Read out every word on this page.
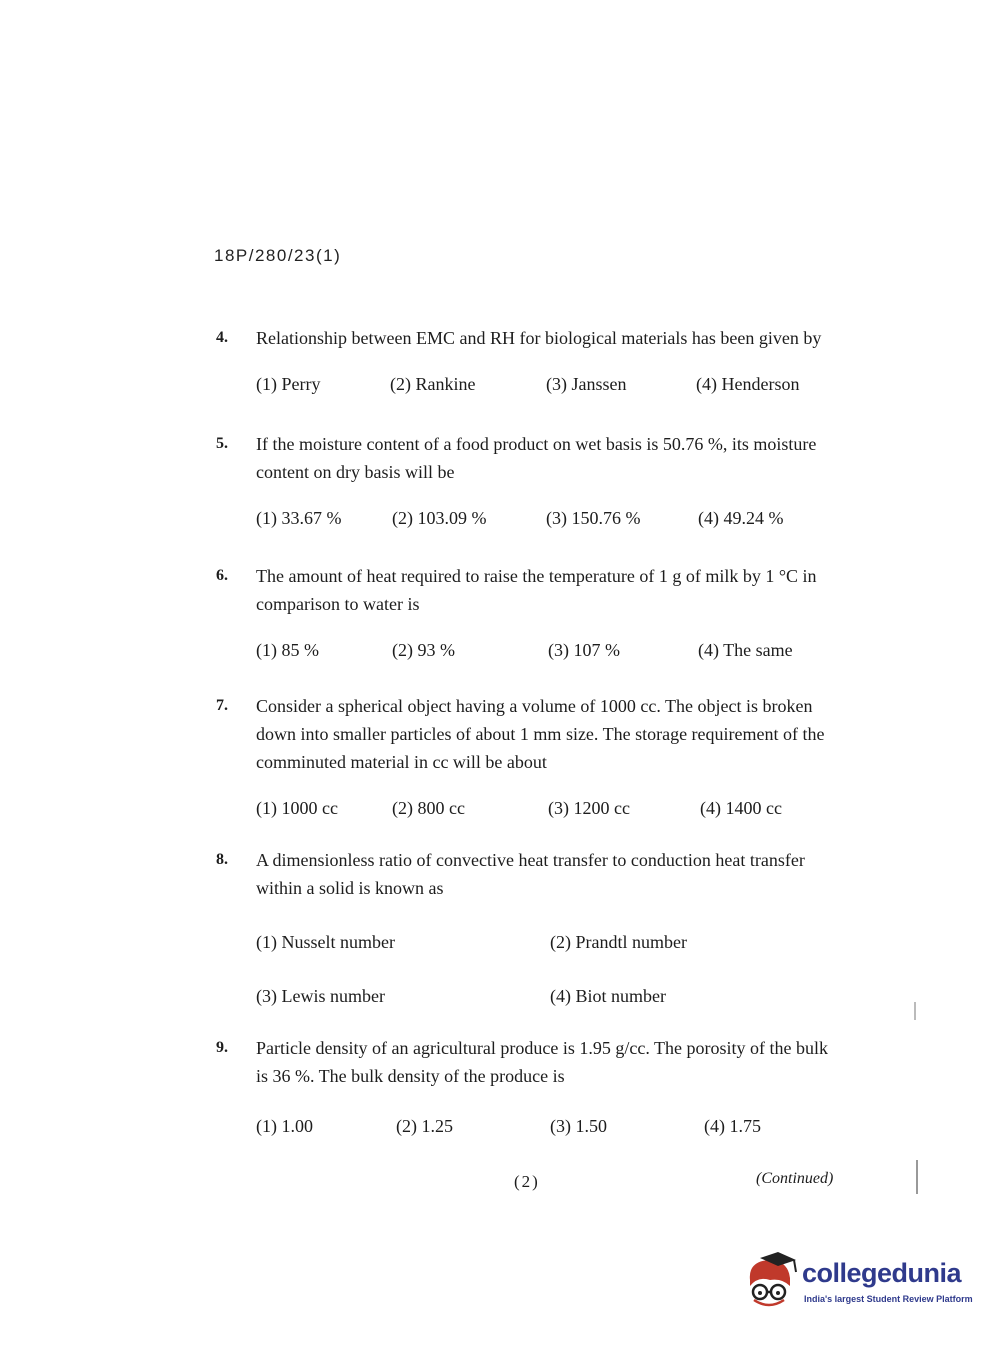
18P/280/23(1)
4.	Relationship between EMC and RH for biological materials has been given by
(1) Perry	(2) Rankine	(3) Janssen	(4) Henderson
5.	If the moisture content of a food product on wet basis is 50.76 %, its moisture content on dry basis will be
(1) 33.67 %	(2) 103.09 %	(3) 150.76 %	(4) 49.24 %
6.	The amount of heat required to raise the temperature of 1 g of milk by 1 °C in comparison to water is
(1) 85 %	(2) 93 %	(3) 107 %	(4) The same
7.	Consider a spherical object having a volume of 1000 cc. The object is broken down into smaller particles of about 1 mm size. The storage requirement of the comminuted material in cc will be about
(1) 1000 cc	(2) 800 cc	(3) 1200 cc	(4) 1400 cc
8.	A dimensionless ratio of convective heat transfer to conduction heat transfer within a solid is known as
(1) Nusselt number	(2) Prandtl number
(3) Lewis number	(4) Biot number
9.	Particle density of an agricultural produce is 1.95 g/cc. The porosity of the bulk is 36 %. The bulk density of the produce is
(1) 1.00	(2) 1.25	(3) 1.50	(4) 1.75
(2)	(Continued)
collegedunia
India's largest Student Review Platform
